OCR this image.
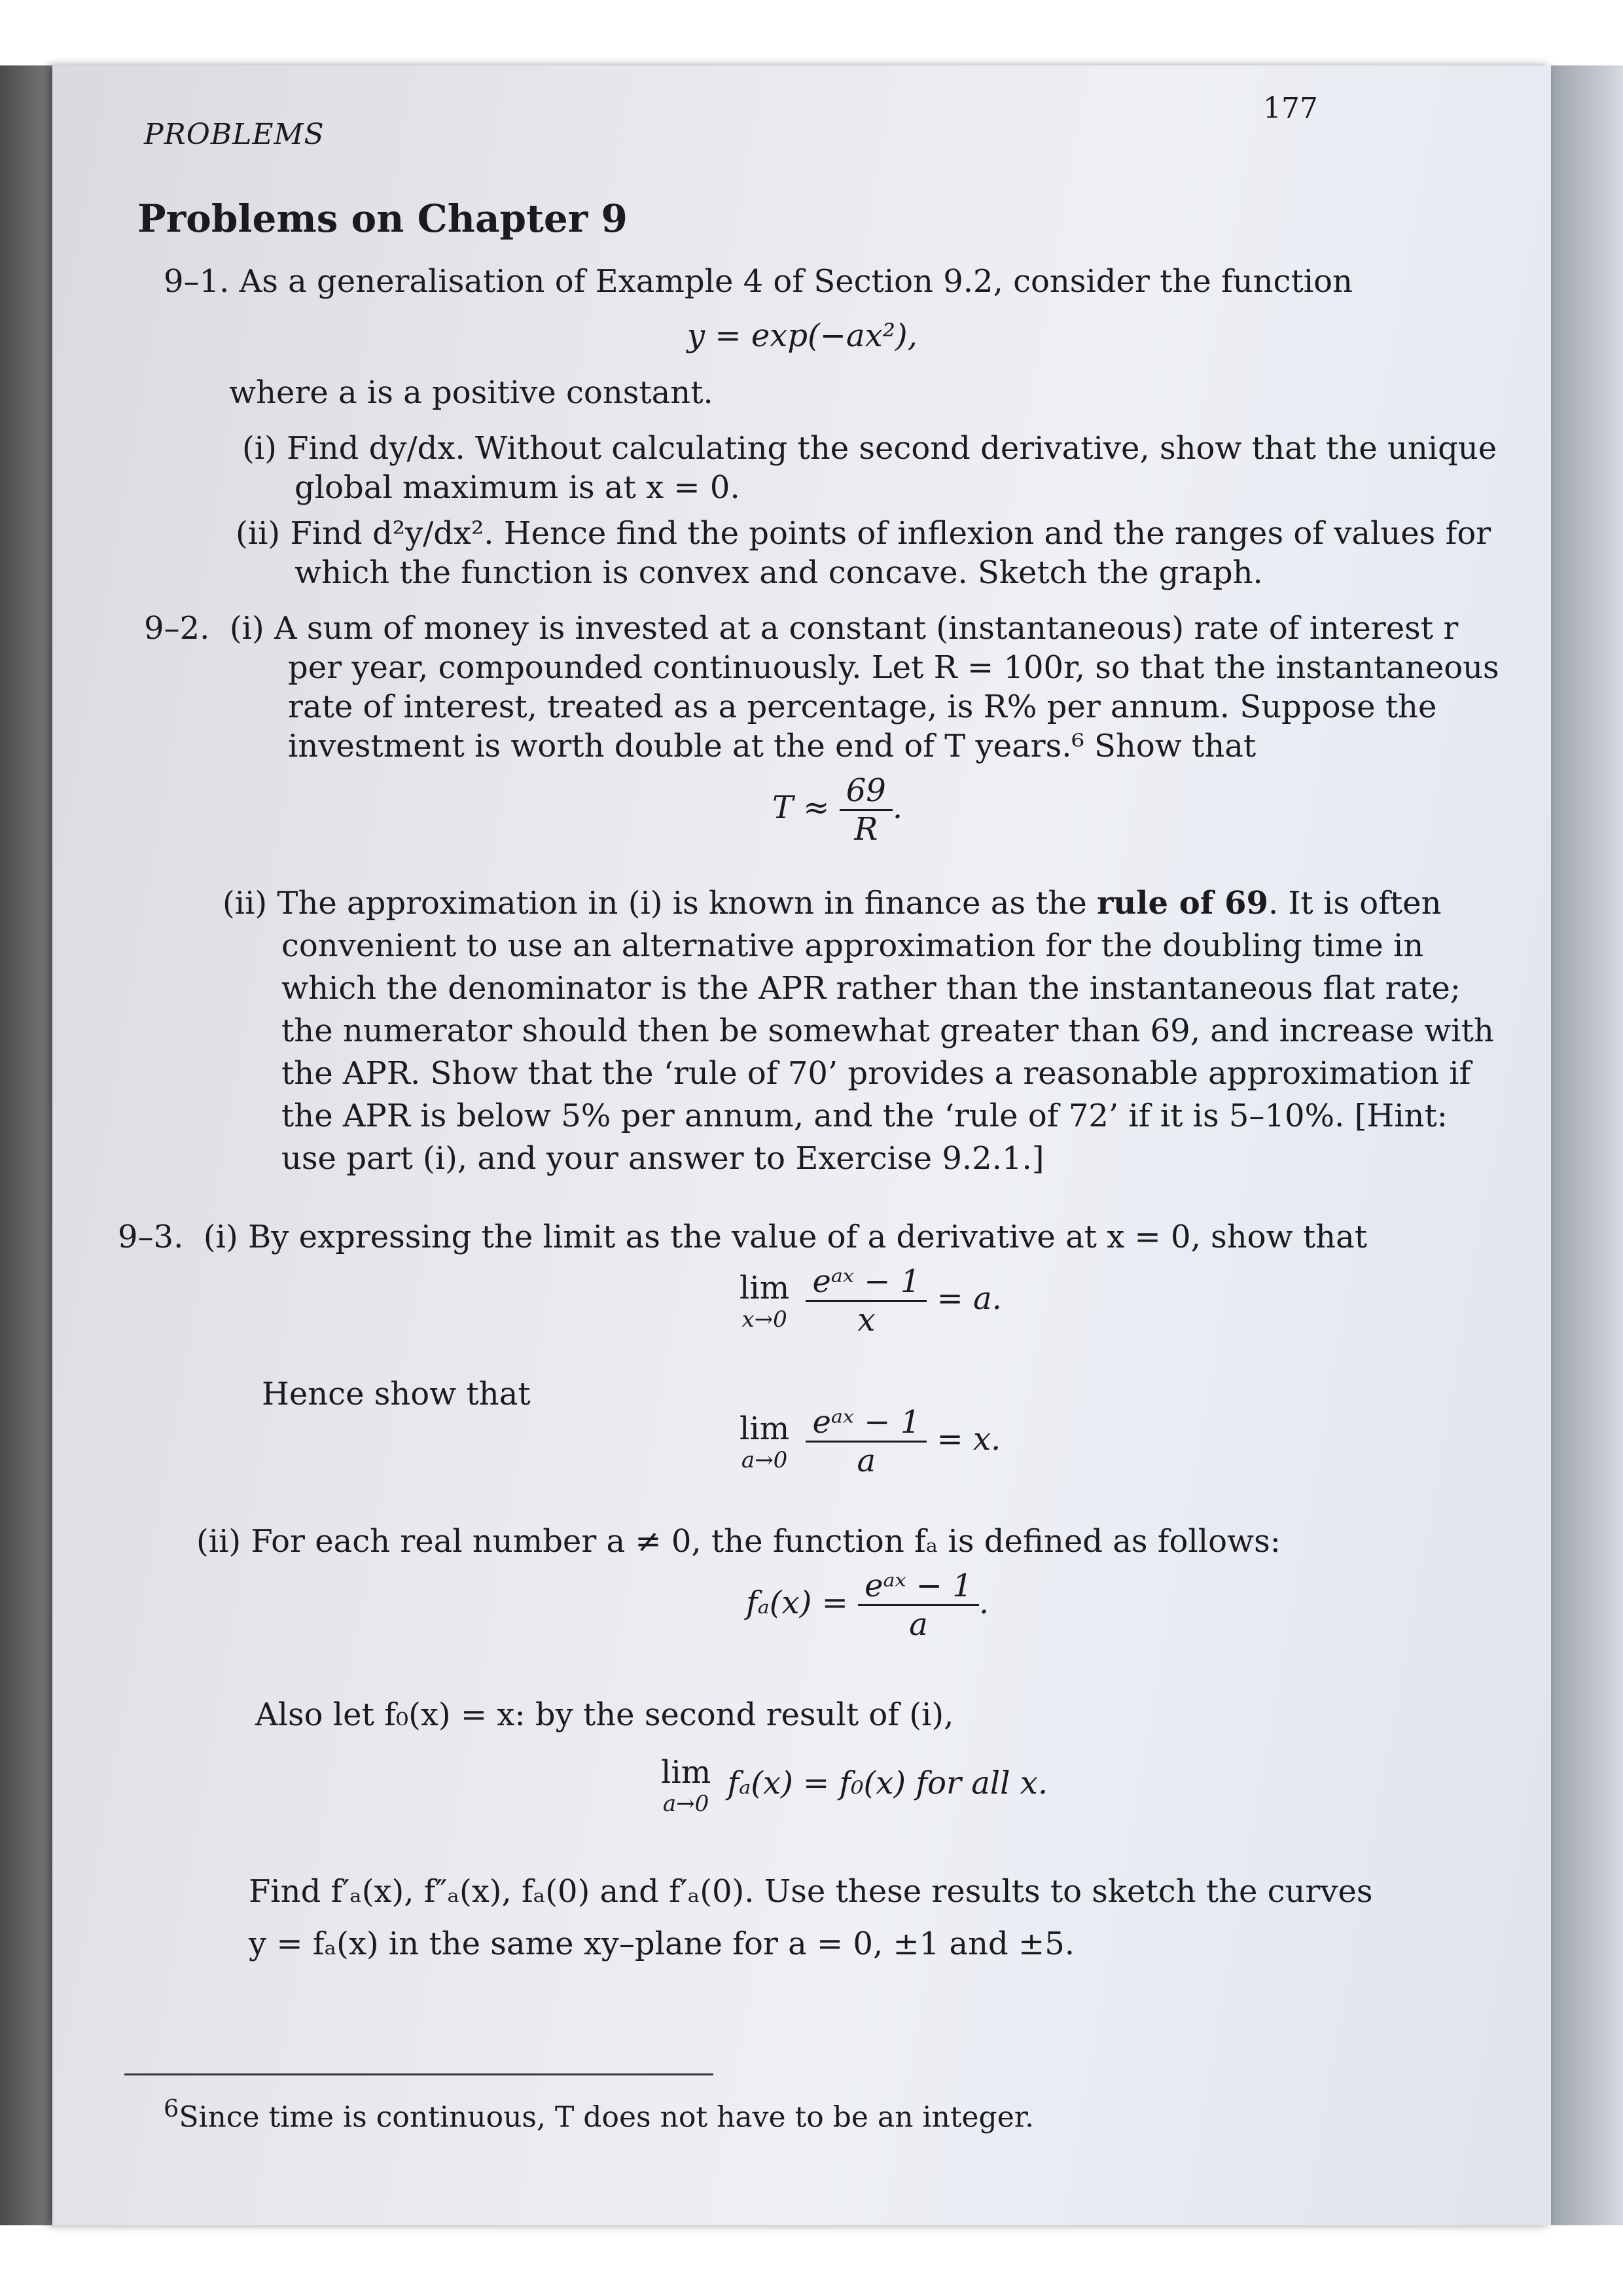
177
PROBLEMS
Problems on Chapter 9
9–1. As a generalisation of Example 4 of Section 9.2, consider the function
y = exp(−ax²),
where a is a positive constant.
(i) Find dy/dx. Without calculating the second derivative, show that the unique
global maximum is at x = 0.
(ii) Find d²y/dx². Hence find the points of inflexion and the ranges of values for
which the function is convex and concave. Sketch the graph.
9–2. (i) A sum of money is invested at a constant (instantaneous) rate of interest r
per year, compounded continuously. Let R = 100r, so that the instantaneous
rate of interest, treated as a percentage, is R% per annum. Suppose the
investment is worth double at the end of T years.⁶ Show that
$T \approx \frac{69}{R}$ .
(ii) The approximation in (i) is known in finance as the rule of 69. It is often
convenient to use an alternative approximation for the doubling time in
which the denominator is the APR rather than the instantaneous flat rate;
the numerator should then be somewhat greater than 69, and increase with
the APR. Show that the ‘rule of 70’ provides a reasonable approximation if
the APR is below 5% per annum, and the ‘rule of 72’ if it is 5–10%. [Hint:
use part (i), and your answer to Exercise 9.2.1.]
9–3. (i) By expressing the limit as the value of a derivative at x = 0, show that
lim
x→0
$\frac{\text{eᵃˣ − 1}}{x} = a$.
Hence show that
lim
a→0
$\frac{\text{eᵃˣ − 1}}{a} = x$.
(ii) For each real number a ≠ 0, the function fₐ is defined as follows:
$f_a(x) = \frac{\text{eᵃˣ − 1}}{a}$ .
Also let f₀(x) = x: by the second result of (i),
lim
a→0
fₐ(x) = f₀(x) for all x.
Find f′ₐ(x), f″ₐ(x), fₐ(0) and f′ₐ(0). Use these results to sketch the curves
y = fₐ(x) in the same xy–plane for a = 0, ±1 and ±5.
$^6$Since time is continuous, T does not have to be an integer.
